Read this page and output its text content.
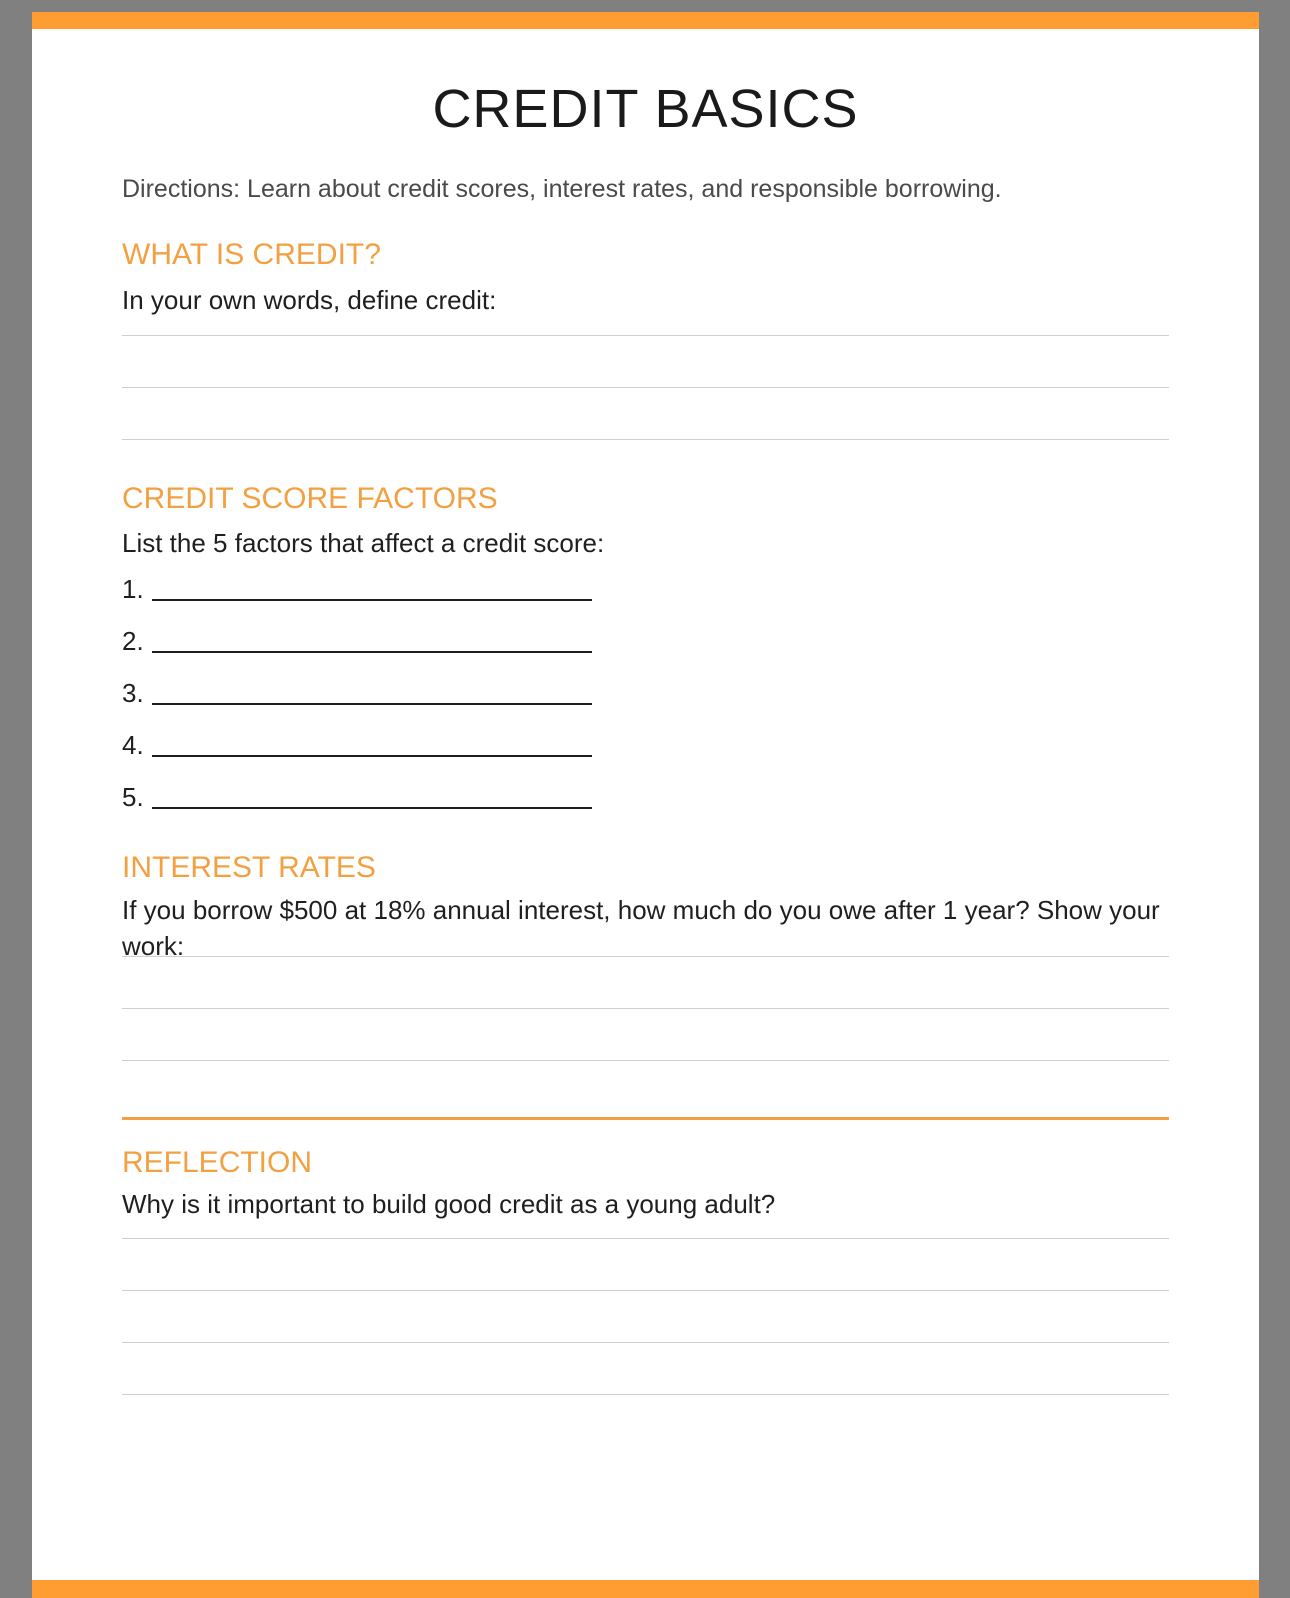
CREDIT BASICS

Directions: Learn about credit scores, interest rates, and responsible borrowing.

WHAT IS CREDIT?

In your own words, define credit:

CREDIT SCORE FACTORS

List the 5 factors that affect a credit score:

1.
2.
3.
4.
5.
INTEREST RATES

If you borrow $500 at 18% annual interest, how much do you owe after 1 year? Show your work:

REFLECTION

Why is it important to build good credit as a young adult?
